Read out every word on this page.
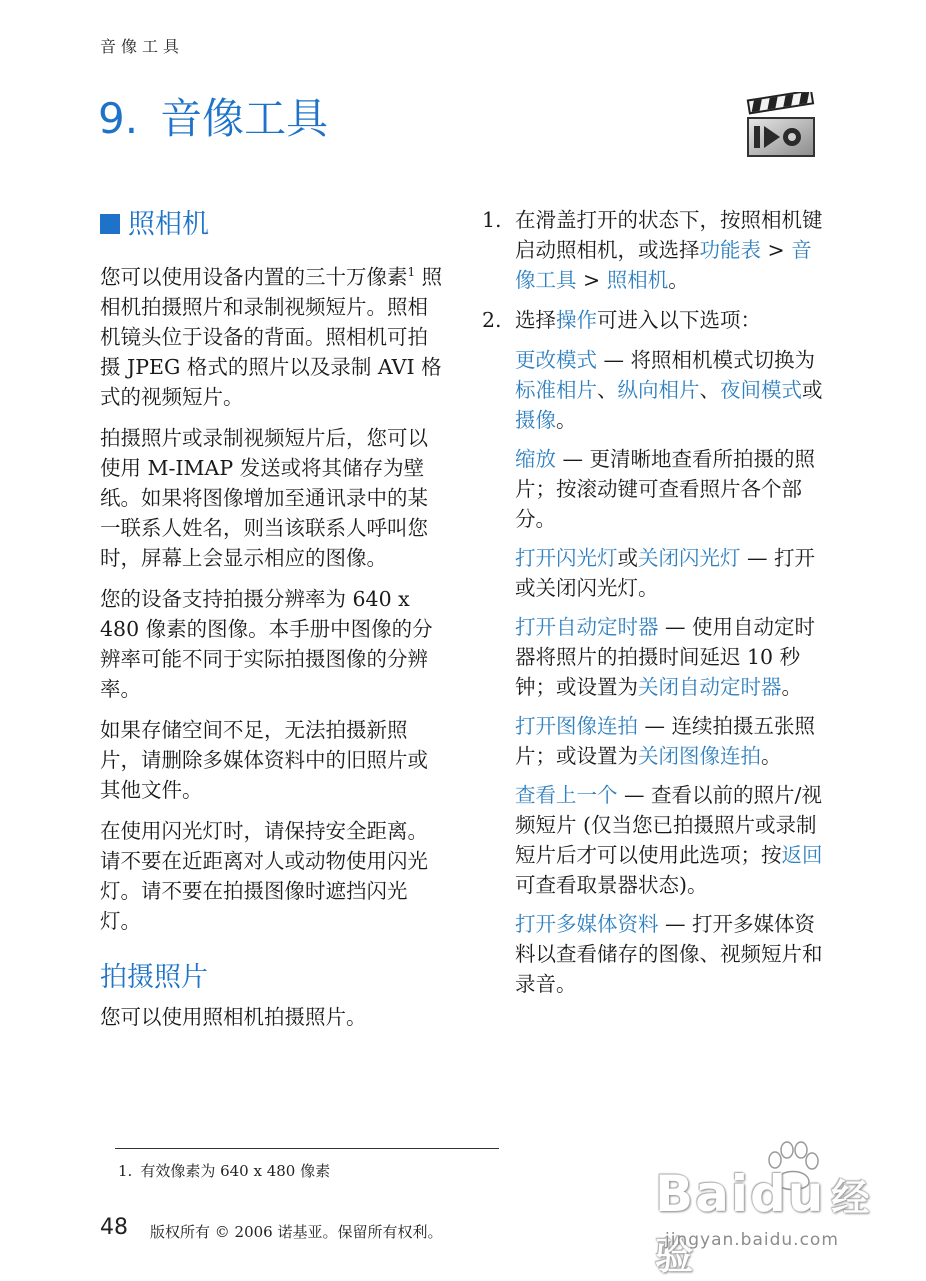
音像工具
9. 音像工具
照相机

您可以使用设备内置的三十万像素$^1$ 照相机拍摄照片和录制视频短片。照相机镜头位于设备的背面。照相机可拍摄 JPEG 格式的照片以及录制 AVI 格式的视频短片。

拍摄照片或录制视频短片后，您可以使用 M-IMAP 发送或将其储存为壁纸。如果将图像增加至通讯录中的某一联系人姓名，则当该联系人呼叫您时，屏幕上会显示相应的图像。

您的设备支持拍摄分辨率为 640 x 480 像素的图像。本手册中图像的分辨率可能不同于实际拍摄图像的分辨率。

如果存储空间不足，无法拍摄新照片，请删除多媒体资料中的旧照片或其他文件。

在使用闪光灯时，请保持安全距离。请不要在近距离对人或动物使用闪光灯。请不要在拍摄图像时遮挡闪光灯。

拍摄照片

您可以使用照相机拍摄照片。

1. 在滑盖打开的状态下，按照相机键启动照相机，或选择功能表 > 音像工具 > 照相机。
2. 选择操作可进入以下选项：

更改模式 — 将照相机模式切换为标准相片、纵向相片、夜间模式或摄像。

缩放 — 更清晰地查看所拍摄的照片；按滚动键可查看照片各个部分。

打开闪光灯或关闭闪光灯 — 打开或关闭闪光灯。

打开自动定时器 — 使用自动定时器将照片的拍摄时间延迟 10 秒钟；或设置为关闭自动定时器。

打开图像连拍 — 连续拍摄五张照片；或设置为关闭图像连拍。

查看上一个 — 查看以前的照片/视频短片 (仅当您已拍摄照片或录制短片后才可以使用此选项；按返回可查看取景器状态)。

打开多媒体资料 — 打开多媒体资料以查看储存的图像、视频短片和录音。

1. 有效像素为 640 x 480 像素
48 版权所有 © 2006 诺基亚。保留所有权利。
Baidu 经验
jingyan.baidu.com
